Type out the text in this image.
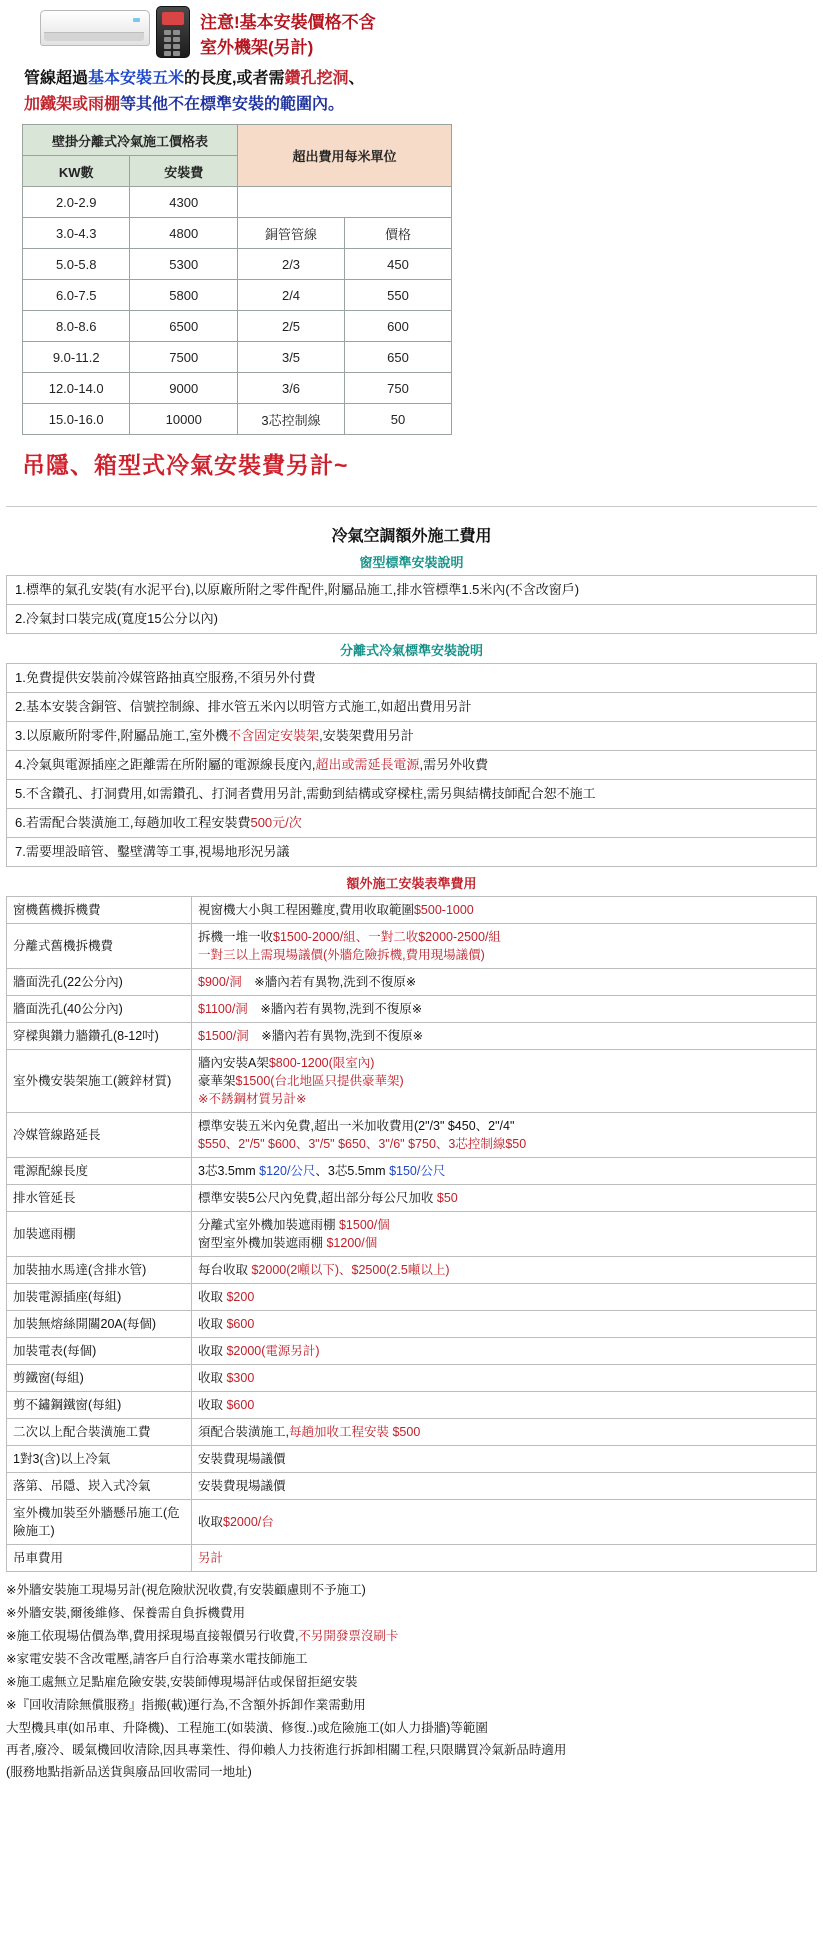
注意!基本安裝價格不含
室外機架(另計)
管線超過基本安裝五米的長度,或者需鑽孔挖洞、
加鐵架或雨棚等其他不在標準安裝的範圍內。
壁掛分離式冷氣施工價格表		超出費用每米單位	
KW數	安裝費		
2.0-2.9	4300		
3.0-4.3	4800	銅管管線	價格
5.0-5.8	5300	2/3	450
6.0-7.5	5800	2/4	550
8.0-8.6	6500	2/5	600
9.0-11.2	7500	3/5	650
12.0-14.0	9000	3/6	750
15.0-16.0	10000	3芯控制線	50
吊隱、箱型式冷氣安裝費另計~
冷氣空調額外施工費用
窗型標準安裝說明
1.標準的氣孔安裝(有水泥平台),以原廠所附之零件配件,附屬品施工,排水管標準1.5米內(不含改窗戶)
2.冷氣封口裝完成(寬度15公分以內)
分離式冷氣標準安裝說明
1.免費提供安裝前冷媒管路抽真空服務,不須另外付費
2.基本安裝含銅管、信號控制線、排水管五米內以明管方式施工,如超出費用另計
3.以原廠所附零件,附屬品施工,室外機不含固定安裝架,安裝架費用另計
4.冷氣與電源插座之距離需在所附屬的電源線長度內,超出或需延長電源,需另外收費
5.不含鑽孔、打洞費用,如需鑽孔、打洞者費用另計,需動到結構或穿樑柱,需另與結構技師配合恕不施工
6.若需配合裝潢施工,每趟加收工程安裝費500元/次
7.需要埋設暗管、鑿壁溝等工事,視場地形況另議
額外施工安裝表準費用
窗機舊機拆機費	視窗機大小與工程困難度,費用收取範圍$500-1000
分離式舊機拆機費	拆機一堆一收$1500-2000/組、一對二收$2000-2500/組
一對三以上需現場議價(外牆危險拆機,費用現場議價)
牆面洗孔(22公分內)	$900/洞　※牆內若有異物,洗到不復原※
牆面洗孔(40公分內)	$1100/洞　※牆內若有異物,洗到不復原※
穿樑與鑽力牆鑽孔(8-12吋)	$1500/洞　※牆內若有異物,洗到不復原※
室外機安裝架施工(鍍鋅材質)	牆內安裝A架$800-1200(限室內)
豪華架$1500(台北地區只提供豪華架)
※不銹鋼材質另計※
冷媒管線路延長	標準安裝五米內免費,超出一米加收費用(2"/3" $450、2"/4"
$550、2"/5" $600、3"/5" $650、3"/6" $750、3芯控制線$50
電源配線長度	3芯3.5mm $120/公尺、3芯5.5mm $150/公尺
排水管延長	標準安裝5公尺內免費,超出部分每公尺加收 $50
加裝遮雨棚	分離式室外機加裝遮雨棚 $1500/個
窗型室外機加裝遮雨棚 $1200/個
加裝抽水馬達(含排水管)	每台收取 $2000(2噸以下)、$2500(2.5噸以上)
加裝電源插座(每組)	收取 $200
加裝無熔絲開關20A(每個)	收取 $600
加裝電表(每個)	收取 $2000(電源另計)
剪鐵窗(每組)	收取 $300
剪不鏽鋼鐵窗(每組)	收取 $600
二次以上配合裝潢施工費	須配合裝潢施工,每趟加收工程安裝 $500
1對3(含)以上冷氣	安裝費現場議價
落第、吊隱、崁入式冷氣	安裝費現場議價
室外機加裝至外牆懸吊施工(危險施工)	收取$2000/台
吊車費用	另計

※外牆安裝施工現場另計(視危險狀況收費,有安裝顧慮則不予施工)

※外牆安裝,爾後維修、保養需自負拆機費用

※施工依現場估價為準,費用採現場直接報價另行收費,不另開發票沒刷卡

※家電安裝不含改電壓,請客戶自行洽專業水電技師施工

※施工處無立足點雇危險安裝,安裝師傅現場評估或保留拒絕安裝

※『回收清除無償服務』指搬(載)運行為,不含額外拆卸作業需動用

大型機具車(如吊車、升降機)、工程施工(如裝潢、修復..)或危險施工(如人力掛牆)等範圍

再者,廢冷、暖氣機回收清除,因具專業性、得仰賴人力技術進行拆卸相關工程,只限購買冷氣新品時適用

(服務地點指新品送貨與廢品回收需同一地址)
